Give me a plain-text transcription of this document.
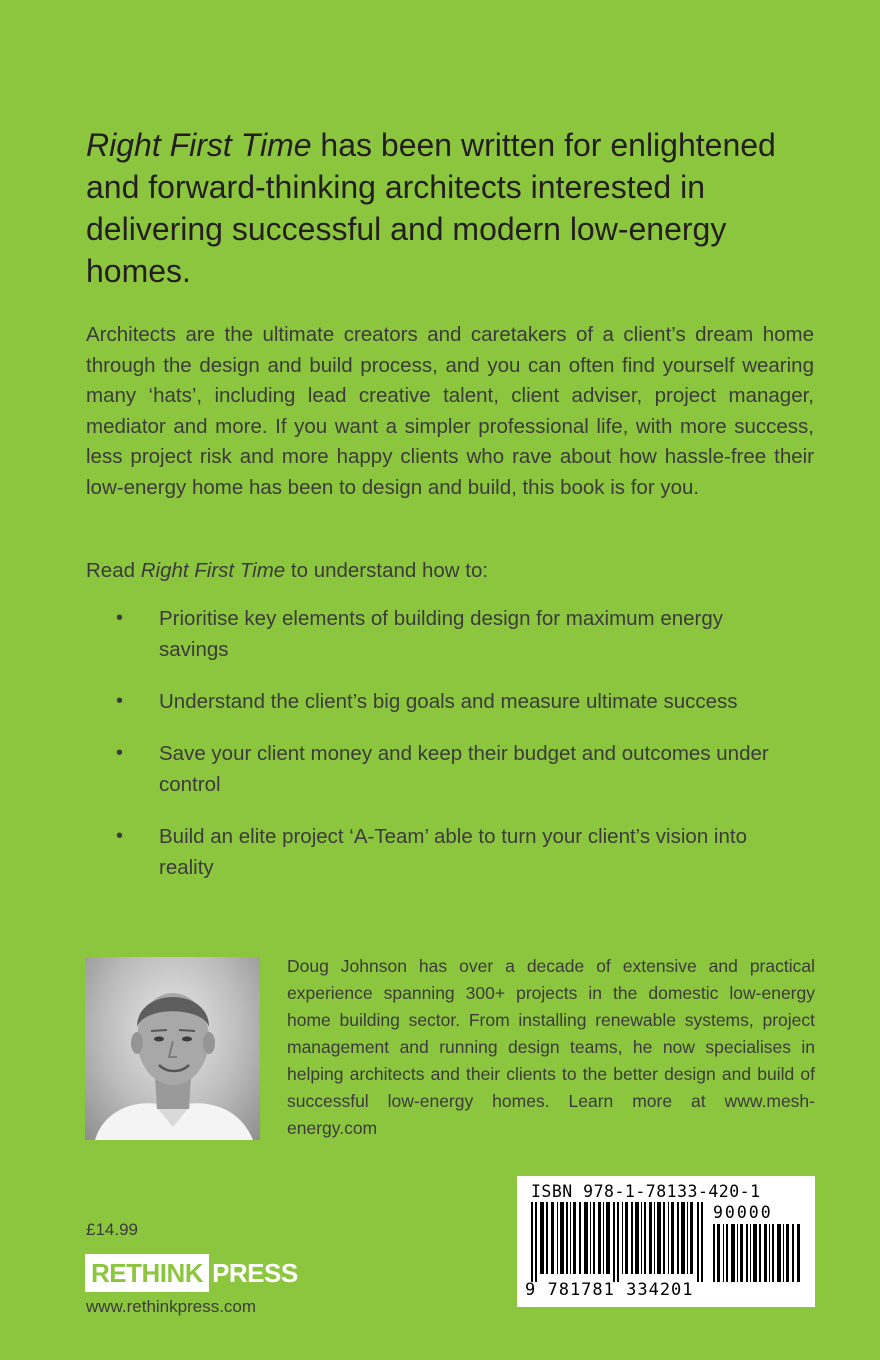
Right First Time has been written for enlightened and forward-thinking architects interested in delivering successful and modern low-energy homes.

Architects are the ultimate creators and caretakers of a client’s dream home through the design and build process, and you can often find yourself wearing many ‘hats’, including lead creative talent, client adviser, project manager, mediator and more. If you want a simpler professional life, with more success, less project risk and more happy clients who rave about how hassle-free their low-energy home has been to design and build, this book is for you.

Read Right First Time to understand how to:

• Prioritise key elements of building design for maximum energy savings
• Understand the client’s big goals and measure ultimate success
• Save your client money and keep their budget and outcomes under control
• Build an elite project ‘A-Team’ able to turn your client’s vision into reality

Doug Johnson has over a decade of extensive and practical experience spanning 300+ projects in the domestic low-energy home building sector. From installing renewable systems, project management and running design teams, he now specialises in helping architects and their clients to the better design and build of successful low-energy homes. Learn more at www.mesh-energy.com

£14.99
RETHINK PRESS
www.rethinkpress.com
ISBN 978-1-78133-420-1
90000
9 781781 334201
